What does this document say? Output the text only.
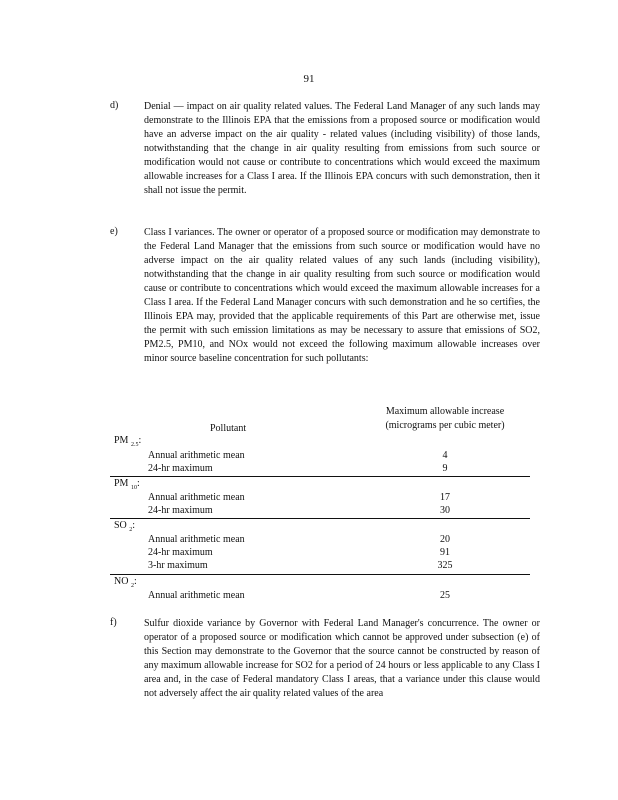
91
d)	Denial — impact on air quality related values. The Federal Land Manager of any such lands may demonstrate to the Illinois EPA that the emissions from a proposed source or modification would have an adverse impact on the air quality - related values (including visibility) of those lands, notwithstanding that the change in air quality resulting from emissions from such source or modification would not cause or contribute to concentrations which would exceed the maximum allowable increases for a Class I area. If the Illinois EPA concurs with such demonstration, then it shall not issue the permit.
e)	Class I variances. The owner or operator of a proposed source or modification may demonstrate to the Federal Land Manager that the emissions from such source or modification would have no adverse impact on the air quality related values of any such lands (including visibility), notwithstanding that the change in air quality resulting from such source or modification would cause or contribute to concentrations which would exceed the maximum allowable increases for a Class I area. If the Federal Land Manager concurs with such demonstration and he so certifies, the Illinois EPA may, provided that the applicable requirements of this Part are otherwise met, issue the permit with such emission limitations as may be necessary to assure that emissions of SO2, PM2.5, PM10, and NOx would not exceed the following maximum allowable increases over minor source baseline concentration for such pollutants:
Pollutant
Maximum allowable increase
(micrograms per cubic meter)
PM $_{2.5}$:
Annual arithmetic mean	4
24-hr maximum	9
PM $_{10}$:
Annual arithmetic mean	17
24-hr maximum	30
SO $_2$:
Annual arithmetic mean	20
24-hr maximum	91
3-hr maximum	325
NO $_2$:
Annual arithmetic mean	25
f)	Sulfur dioxide variance by Governor with Federal Land Manager's concurrence. The owner or operator of a proposed source or modification which cannot be approved under subsection (e) of this Section may demonstrate to the Governor that the source cannot be constructed by reason of any maximum allowable increase for SO2 for a period of 24 hours or less applicable to any Class I area and, in the case of Federal mandatory Class I areas, that a variance under this clause would not adversely affect the air quality related values of the area
